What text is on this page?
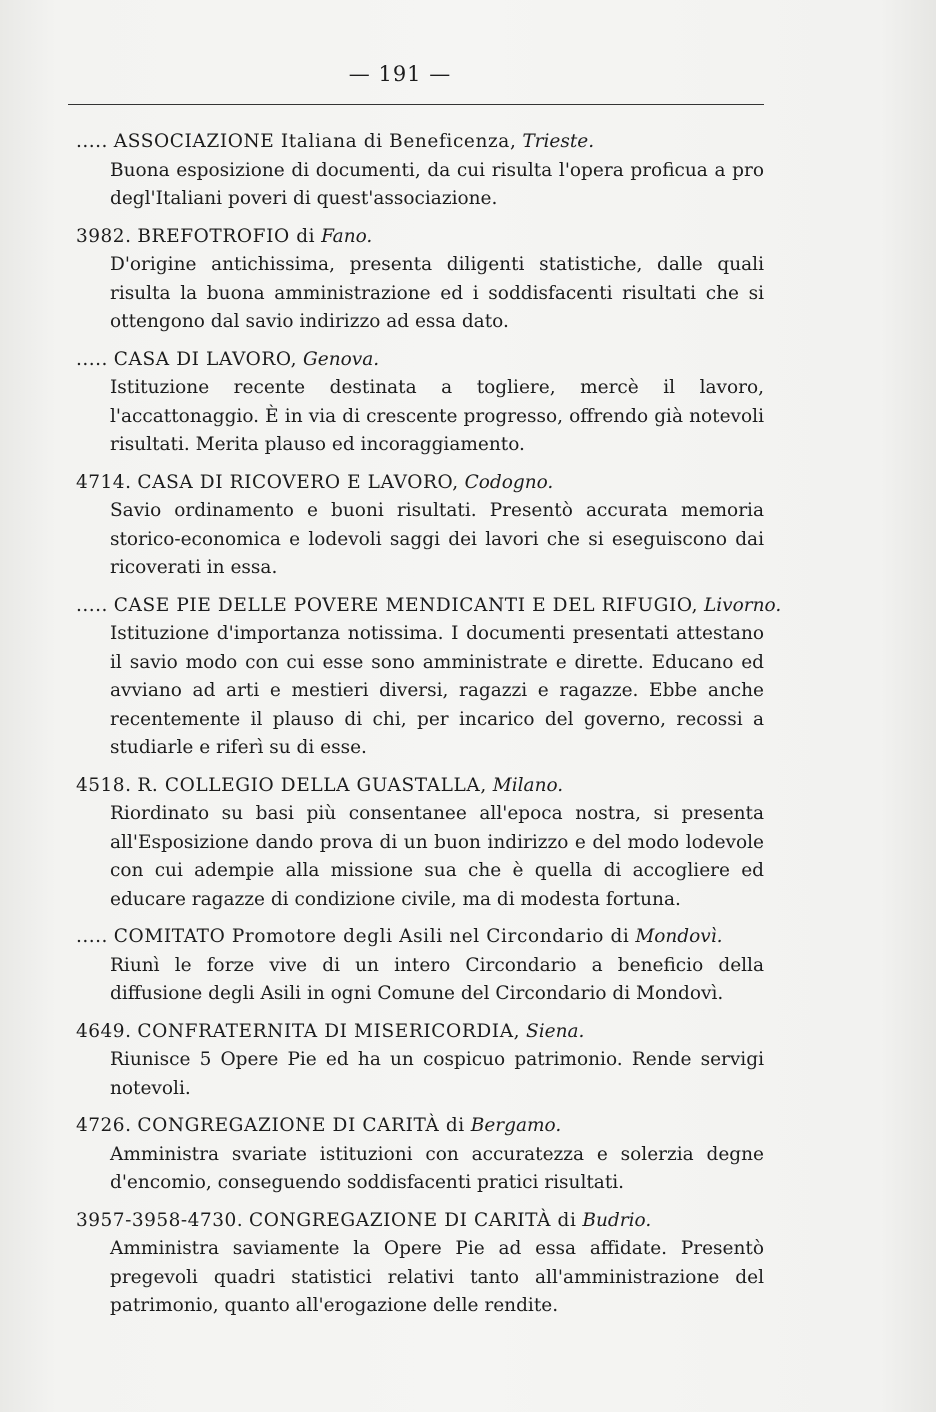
— 191 —
..... ASSOCIAZIONE Italiana di Beneficenza, Trieste.
Buona esposizione di documenti, da cui risulta l'opera proficua a pro degl'Italiani poveri di quest'associazione.
3982. BREFOTROFIO di Fano.
D'origine antichissima, presenta diligenti statistiche, dalle quali risulta la buona amministrazione ed i soddisfacenti risultati che si ottengono dal savio indirizzo ad essa dato.
..... CASA DI LAVORO, Genova.
Istituzione recente destinata a togliere, mercè il lavoro, l'accattonaggio. È in via di crescente progresso, offrendo già notevoli risultati. Merita plauso ed incoraggiamento.
4714. CASA DI RICOVERO E LAVORO, Codogno.
Savio ordinamento e buoni risultati. Presentò accurata memoria storico-economica e lodevoli saggi dei lavori che si eseguiscono dai ricoverati in essa.
..... CASE PIE DELLE POVERE MENDICANTI E DEL RIFUGIO, Livorno.
Istituzione d'importanza notissima. I documenti presentati attestano il savio modo con cui esse sono amministrate e dirette. Educano ed avviano ad arti e mestieri diversi, ragazzi e ragazze. Ebbe anche recentemente il plauso di chi, per incarico del governo, recossi a studiarle e riferì su di esse.
4518. R. COLLEGIO DELLA GUASTALLA, Milano.
Riordinato su basi più consentanee all'epoca nostra, si presenta all'Esposizione dando prova di un buon indirizzo e del modo lodevole con cui adempie alla missione sua che è quella di accogliere ed educare ragazze di condizione civile, ma di modesta fortuna.
..... COMITATO Promotore degli Asili nel Circondario di Mondovì.
Riunì le forze vive di un intero Circondario a beneficio della diffusione degli Asili in ogni Comune del Circondario di Mondovì.
4649. CONFRATERNITA DI MISERICORDIA, Siena.
Riunisce 5 Opere Pie ed ha un cospicuo patrimonio. Rende servigi notevoli.
4726. CONGREGAZIONE DI CARITÀ di Bergamo.
Amministra svariate istituzioni con accuratezza e solerzia degne d'encomio, conseguendo soddisfacenti pratici risultati.
3957-3958-4730. CONGREGAZIONE DI CARITÀ di Budrio.
Amministra saviamente la Opere Pie ad essa affidate. Presentò pregevoli quadri statistici relativi tanto all'amministrazione del patrimonio, quanto all'erogazione delle rendite.
